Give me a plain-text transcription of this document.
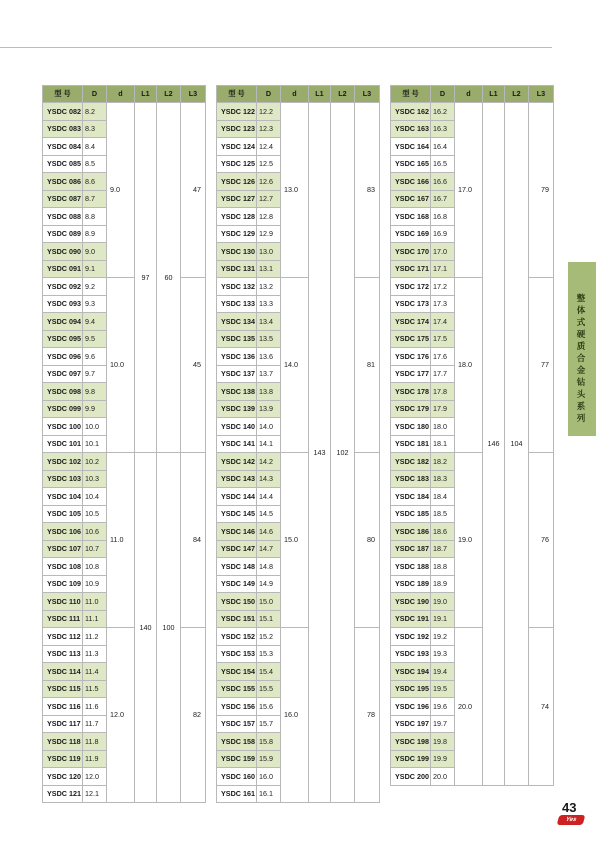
型 号	D	d	L1	L2	L3
YSDC 082	8.2	9.0	97	60	47
YSDC 083	8.3				
YSDC 084	8.4				
YSDC 085	8.5				
YSDC 086	8.6				
YSDC 087	8.7				
YSDC 088	8.8				
YSDC 089	8.9				
YSDC 090	9.0				
YSDC 091	9.1				
YSDC 092	9.2	10.0			45
YSDC 093	9.3				
YSDC 094	9.4				
YSDC 095	9.5				
YSDC 096	9.6				
YSDC 097	9.7				
YSDC 098	9.8				
YSDC 099	9.9				
YSDC 100	10.0				
YSDC 101	10.1				
YSDC 102	10.2	11.0	140	100	84
YSDC 103	10.3				
YSDC 104	10.4				
YSDC 105	10.5				
YSDC 106	10.6				
YSDC 107	10.7				
YSDC 108	10.8				
YSDC 109	10.9				
YSDC 110	11.0				
YSDC 111	11.1				
YSDC 112	11.2	12.0			82
YSDC 113	11.3				
YSDC 114	11.4				
YSDC 115	11.5				
YSDC 116	11.6				
YSDC 117	11.7				
YSDC 118	11.8				
YSDC 119	11.9				
YSDC 120	12.0				
YSDC 121	12.1				
型 号	D	d	L1	L2	L3
YSDC 122	12.2	13.0	143	102	83
YSDC 123	12.3				
YSDC 124	12.4				
YSDC 125	12.5				
YSDC 126	12.6				
YSDC 127	12.7				
YSDC 128	12.8				
YSDC 129	12.9				
YSDC 130	13.0				
YSDC 131	13.1				
YSDC 132	13.2	14.0			81
YSDC 133	13.3				
YSDC 134	13.4				
YSDC 135	13.5				
YSDC 136	13.6				
YSDC 137	13.7				
YSDC 138	13.8				
YSDC 139	13.9				
YSDC 140	14.0				
YSDC 141	14.1				
YSDC 142	14.2	15.0			80
YSDC 143	14.3				
YSDC 144	14.4				
YSDC 145	14.5				
YSDC 146	14.6				
YSDC 147	14.7				
YSDC 148	14.8				
YSDC 149	14.9				
YSDC 150	15.0				
YSDC 151	15.1				
YSDC 152	15.2	16.0			78
YSDC 153	15.3				
YSDC 154	15.4				
YSDC 155	15.5				
YSDC 156	15.6				
YSDC 157	15.7				
YSDC 158	15.8				
YSDC 159	15.9				
YSDC 160	16.0				
YSDC 161	16.1				
型 号	D	d	L1	L2	L3
YSDC 162	16.2	17.0	146	104	79
YSDC 163	16.3				
YSDC 164	16.4				
YSDC 165	16.5				
YSDC 166	16.6				
YSDC 167	16.7				
YSDC 168	16.8				
YSDC 169	16.9				
YSDC 170	17.0				
YSDC 171	17.1				
YSDC 172	17.2	18.0			77
YSDC 173	17.3				
YSDC 174	17.4				
YSDC 175	17.5				
YSDC 176	17.6				
YSDC 177	17.7				
YSDC 178	17.8				
YSDC 179	17.9				
YSDC 180	18.0				
YSDC 181	18.1				
YSDC 182	18.2	19.0			76
YSDC 183	18.3				
YSDC 184	18.4				
YSDC 185	18.5				
YSDC 186	18.6				
YSDC 187	18.7				
YSDC 188	18.8				
YSDC 189	18.9				
YSDC 190	19.0				
YSDC 191	19.1				
YSDC 192	19.2	20.0			74
YSDC 193	19.3				
YSDC 194	19.4				
YSDC 195	19.5				
YSDC 196	19.6				
YSDC 197	19.7				
YSDC 198	19.8				
YSDC 199	19.9				
YSDC 200	20.0				
整体式硬质合金钻头系列
43
Yes
